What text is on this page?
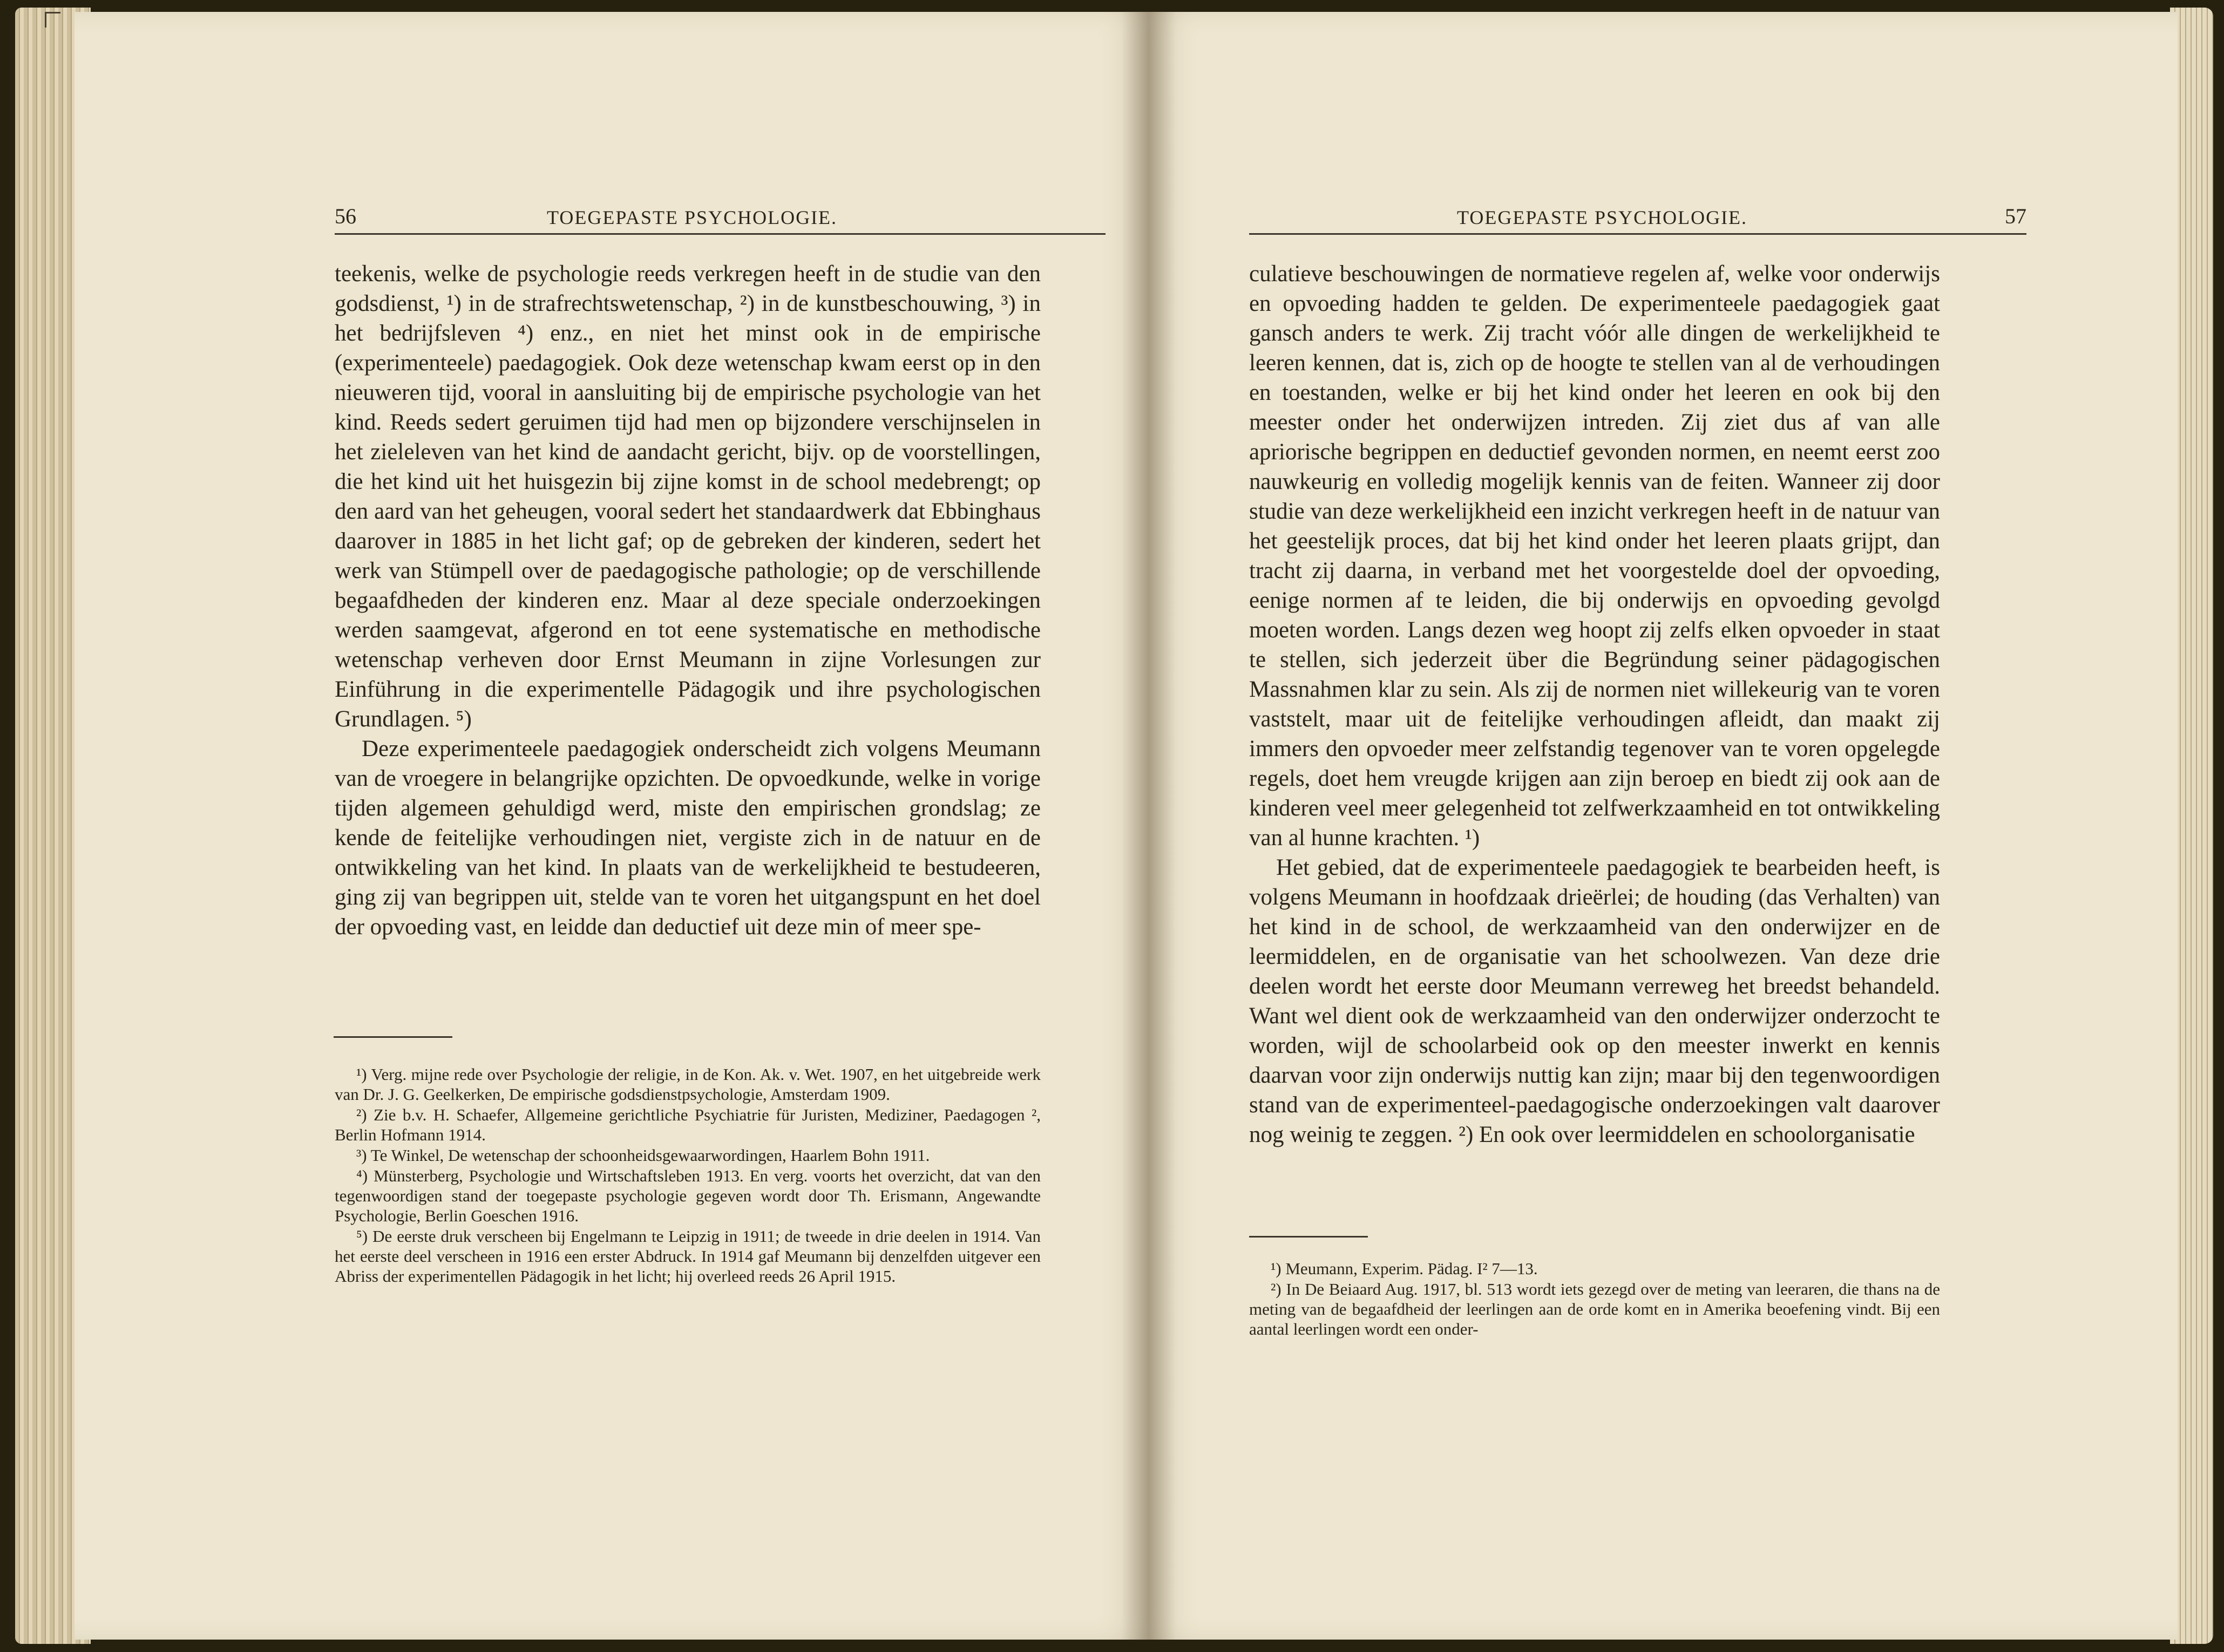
56	TOEGEPASTE PSYCHOLOGIE.

teekenis, welke de psychologie reeds verkregen heeft in de studie van den godsdienst, ¹) in de strafrechtswetenschap, ²) in de kunstbeschouwing, ³) in het bedrijfsleven ⁴) enz., en niet het minst ook in de empirische (experimenteele) paedagogiek. Ook deze wetenschap kwam eerst op in den nieuweren tijd, vooral in aansluiting bij de empirische psychologie van het kind. Reeds sedert geruimen tijd had men op bijzondere verschijnselen in het zieleleven van het kind de aandacht gericht, bijv. op de voorstellingen, die het kind uit het huisgezin bij zijne komst in de school medebrengt; op den aard van het geheugen, vooral sedert het standaardwerk dat Ebbinghaus daarover in 1885 in het licht gaf; op de gebreken der kinderen, sedert het werk van Stümpell over de paedagogische pathologie; op de verschillende begaafdheden der kinderen enz. Maar al deze speciale onderzoekingen werden saamgevat, afgerond en tot eene systematische en methodische wetenschap verheven door Ernst Meumann in zijne Vorlesungen zur Einführung in die experimentelle Pädagogik und ihre psychologischen Grundlagen. ⁵)

Deze experimenteele paedagogiek onderscheidt zich volgens Meumann van de vroegere in belangrijke opzichten. De opvoedkunde, welke in vorige tijden algemeen gehuldigd werd, miste den empirischen grondslag; ze kende de feitelijke verhoudingen niet, vergiste zich in de natuur en de ontwikkeling van het kind. In plaats van de werkelijkheid te bestudeeren, ging zij van begrippen uit, stelde van te voren het uitgangspunt en het doel der opvoeding vast, en leidde dan deductief uit deze min of meer spe-

¹) Verg. mijne rede over Psychologie der religie, in de Kon. Ak. v. Wet. 1907, en het uitgebreide werk van Dr. J. G. Geelkerken, De empirische godsdienstpsychologie, Amsterdam 1909.

²) Zie b.v. H. Schaefer, Allgemeine gerichtliche Psychiatrie für Juristen, Mediziner, Paedagogen ², Berlin Hofmann 1914.

³) Te Winkel, De wetenschap der schoonheidsgewaarwordingen, Haarlem Bohn 1911.

⁴) Münsterberg, Psychologie und Wirtschaftsleben 1913. En verg. voorts het overzicht, dat van den tegenwoordigen stand der toegepaste psychologie gegeven wordt door Th. Erismann, Angewandte Psychologie, Berlin Goeschen 1916.

⁵) De eerste druk verscheen bij Engelmann te Leipzig in 1911; de tweede in drie deelen in 1914. Van het eerste deel verscheen in 1916 een erster Abdruck. In 1914 gaf Meumann bij denzelfden uitgever een Abriss der experimentellen Pädagogik in het licht; hij overleed reeds 26 April 1915.

TOEGEPASTE PSYCHOLOGIE.	57

culatieve beschouwingen de normatieve regelen af, welke voor onderwijs en opvoeding hadden te gelden. De experimenteele paedagogiek gaat gansch anders te werk. Zij tracht vóór alle dingen de werkelijkheid te leeren kennen, dat is, zich op de hoogte te stellen van al de verhoudingen en toestanden, welke er bij het kind onder het leeren en ook bij den meester onder het onderwijzen intreden. Zij ziet dus af van alle apriorische begrippen en deductief gevonden normen, en neemt eerst zoo nauwkeurig en volledig mogelijk kennis van de feiten. Wanneer zij door studie van deze werkelijkheid een inzicht verkregen heeft in de natuur van het geestelijk proces, dat bij het kind onder het leeren plaats grijpt, dan tracht zij daarna, in verband met het voorgestelde doel der opvoeding, eenige normen af te leiden, die bij onderwijs en opvoeding gevolgd moeten worden. Langs dezen weg hoopt zij zelfs elken opvoeder in staat te stellen, sich jederzeit über die Begründung seiner pädagogischen Massnahmen klar zu sein. Als zij de normen niet willekeurig van te voren vaststelt, maar uit de feitelijke verhoudingen afleidt, dan maakt zij immers den opvoeder meer zelfstandig tegenover van te voren opgelegde regels, doet hem vreugde krijgen aan zijn beroep en biedt zij ook aan de kinderen veel meer gelegenheid tot zelfwerkzaamheid en tot ontwikkeling van al hunne krachten. ¹)

Het gebied, dat de experimenteele paedagogiek te bearbeiden heeft, is volgens Meumann in hoofdzaak drieërlei; de houding (das Verhalten) van het kind in de school, de werkzaamheid van den onderwijzer en de leermiddelen, en de organisatie van het schoolwezen. Van deze drie deelen wordt het eerste door Meumann verreweg het breedst behandeld. Want wel dient ook de werkzaamheid van den onderwijzer onderzocht te worden, wijl de schoolarbeid ook op den meester inwerkt en kennis daarvan voor zijn onderwijs nuttig kan zijn; maar bij den tegenwoordigen stand van de experimenteel-paedagogische onderzoekingen valt daarover nog weinig te zeggen. ²) En ook over leermiddelen en schoolorganisatie

¹) Meumann, Experim. Pädag. I² 7—13.

²) In De Beiaard Aug. 1917, bl. 513 wordt iets gezegd over de meting van leeraren, die thans na de meting van de begaafdheid der leerlingen aan de orde komt en in Amerika beoefening vindt. Bij een aantal leerlingen wordt een onder-
